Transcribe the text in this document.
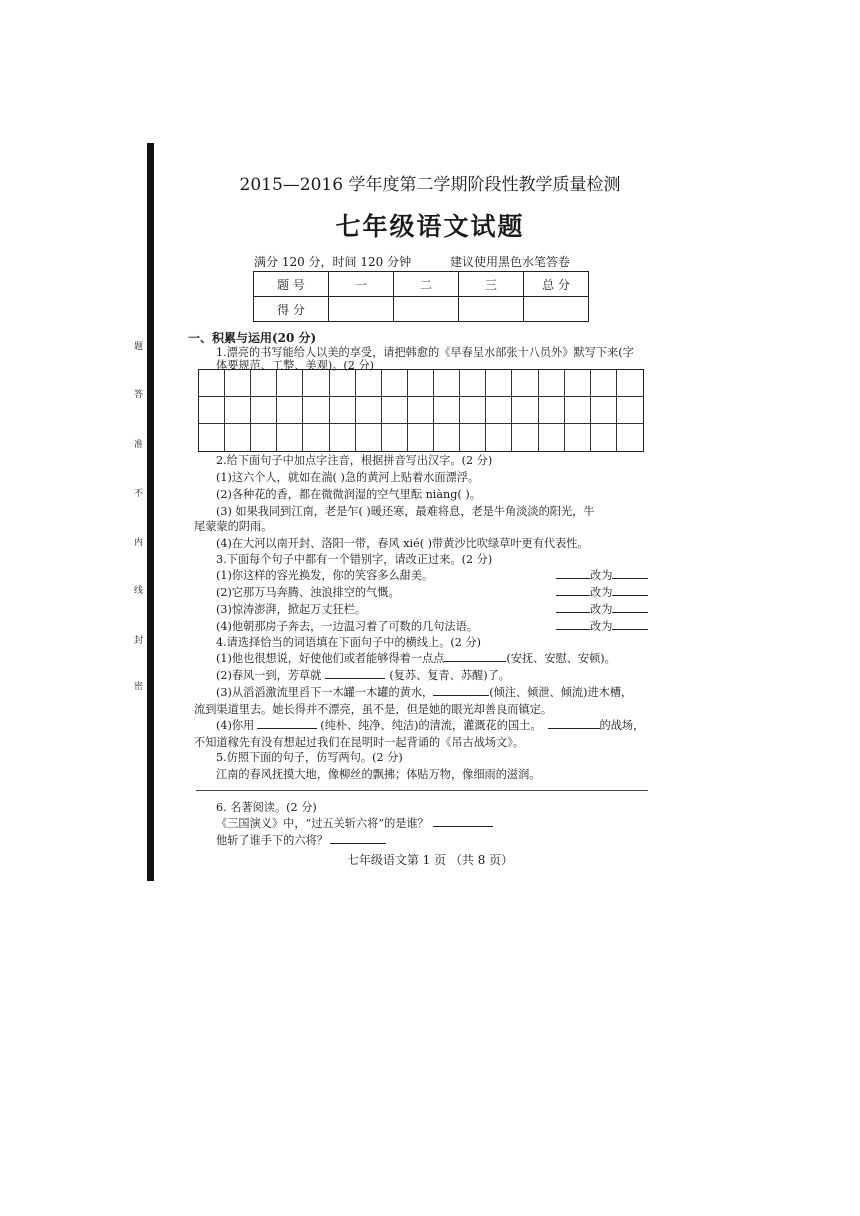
题
答
准
不
内
线
封
密
2015—2016 学年度第二学期阶段性教学质量检测
七年级语文试题
满分 120 分，时间 120 分钟	建议使用黑色水笔答卷
题 号	一	二	三	总 分
得 分				
一、积累与运用(20 分)
1.漂亮的书写能给人以美的享受，请把韩愈的《早春呈水部张十八员外》默写下来(字
体要规范、工整、美观)。(2 分)
2.给下面句子中加点字注音，根据拼音写出汉字。(2 分)
(1)这六个人，就如在湍( )急的黄河上贴着水面漂浮。
(2)各种花的香，都在微微润湿的空气里酝 niàng( )。
(3) 如果我同到江南，老是乍( )暖还寒，最难将息，老是牛角淡淡的阳光，牛
尾蒙蒙的阴雨。
(4)在大河以南开封、洛阳一带，春风 xié( )带黄沙比吹绿草叶更有代表性。
3.下面每个句子中都有一个错别字，请改正过来。(2 分)
(1)你这样的容光换发，你的笑容多么甜美。
(2)它那万马奔腾、浊浪排空的气慨。
(3)惊涛澎湃，掀起万丈狂栏。
(4)他朝那房子奔去，一边温习着了可数的几句法语。
改为
改为
改为
改为
4.请选择恰当的词语填在下面句子中的横线上。(2 分)
(1)他也很想说，好使他们或者能够得着一点点	(安抚、安慰、安顿)。
(2)春风一到，芳草就	(复苏、复青、苏醒)了。
(3)从滔滔激流里舀下一木罐一木罐的黄水，	(倾注、倾泄、倾流)进木槽，
流到渠道里去。她长得并不漂亮，虽不是，但是她的眼光却善良而镇定。
(4)你用	(纯朴、纯净、纯洁)的清流，灌溉花的国土。	的战场，
不知道稼先有没有想起过我们在昆明时一起背诵的《吊古战场文》。
5.仿照下面的句子，仿写两句。(2 分)
江南的春风抚摸大地，像柳丝的飘拂；体贴万物，像细雨的滋润。
6. 名著阅读。(2 分)
《三国演义》中，“过五关斩六将”的是谁？
他斩了谁手下的六将？
七年级语文第 1 页 （共 8 页）
